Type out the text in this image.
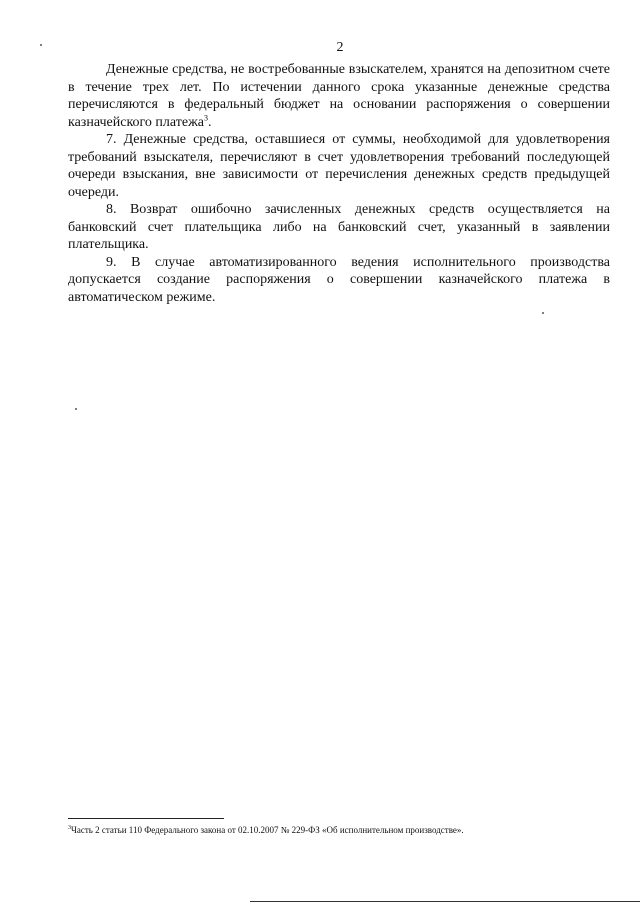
2

Денежные средства, не востребованные взыскателем, хранятся на депозитном счете в течение трех лет. По истечении данного срока указанные денежные средства перечисляются в федеральный бюджет на основании распоряжения о совершении казначейского платежа$^3$.

7. Денежные средства, оставшиеся от суммы, необходимой для удовлетворения требований взыскателя, перечисляют в счет удовлетворения требований последующей очереди взыскания, вне зависимости от перечисления денежных средств предыдущей очереди.

8. Возврат ошибочно зачисленных денежных средств осуществляется на банковский счет плательщика либо на банковский счет, указанный в заявлении плательщика.

9. В случае автоматизированного ведения исполнительного производства допускается создание распоряжения о совершении казначейского платежа в автоматическом режиме.

$^3$Часть 2 статьи 110 Федерального закона от 02.10.2007 № 229-ФЗ «Об исполнительном производстве».
